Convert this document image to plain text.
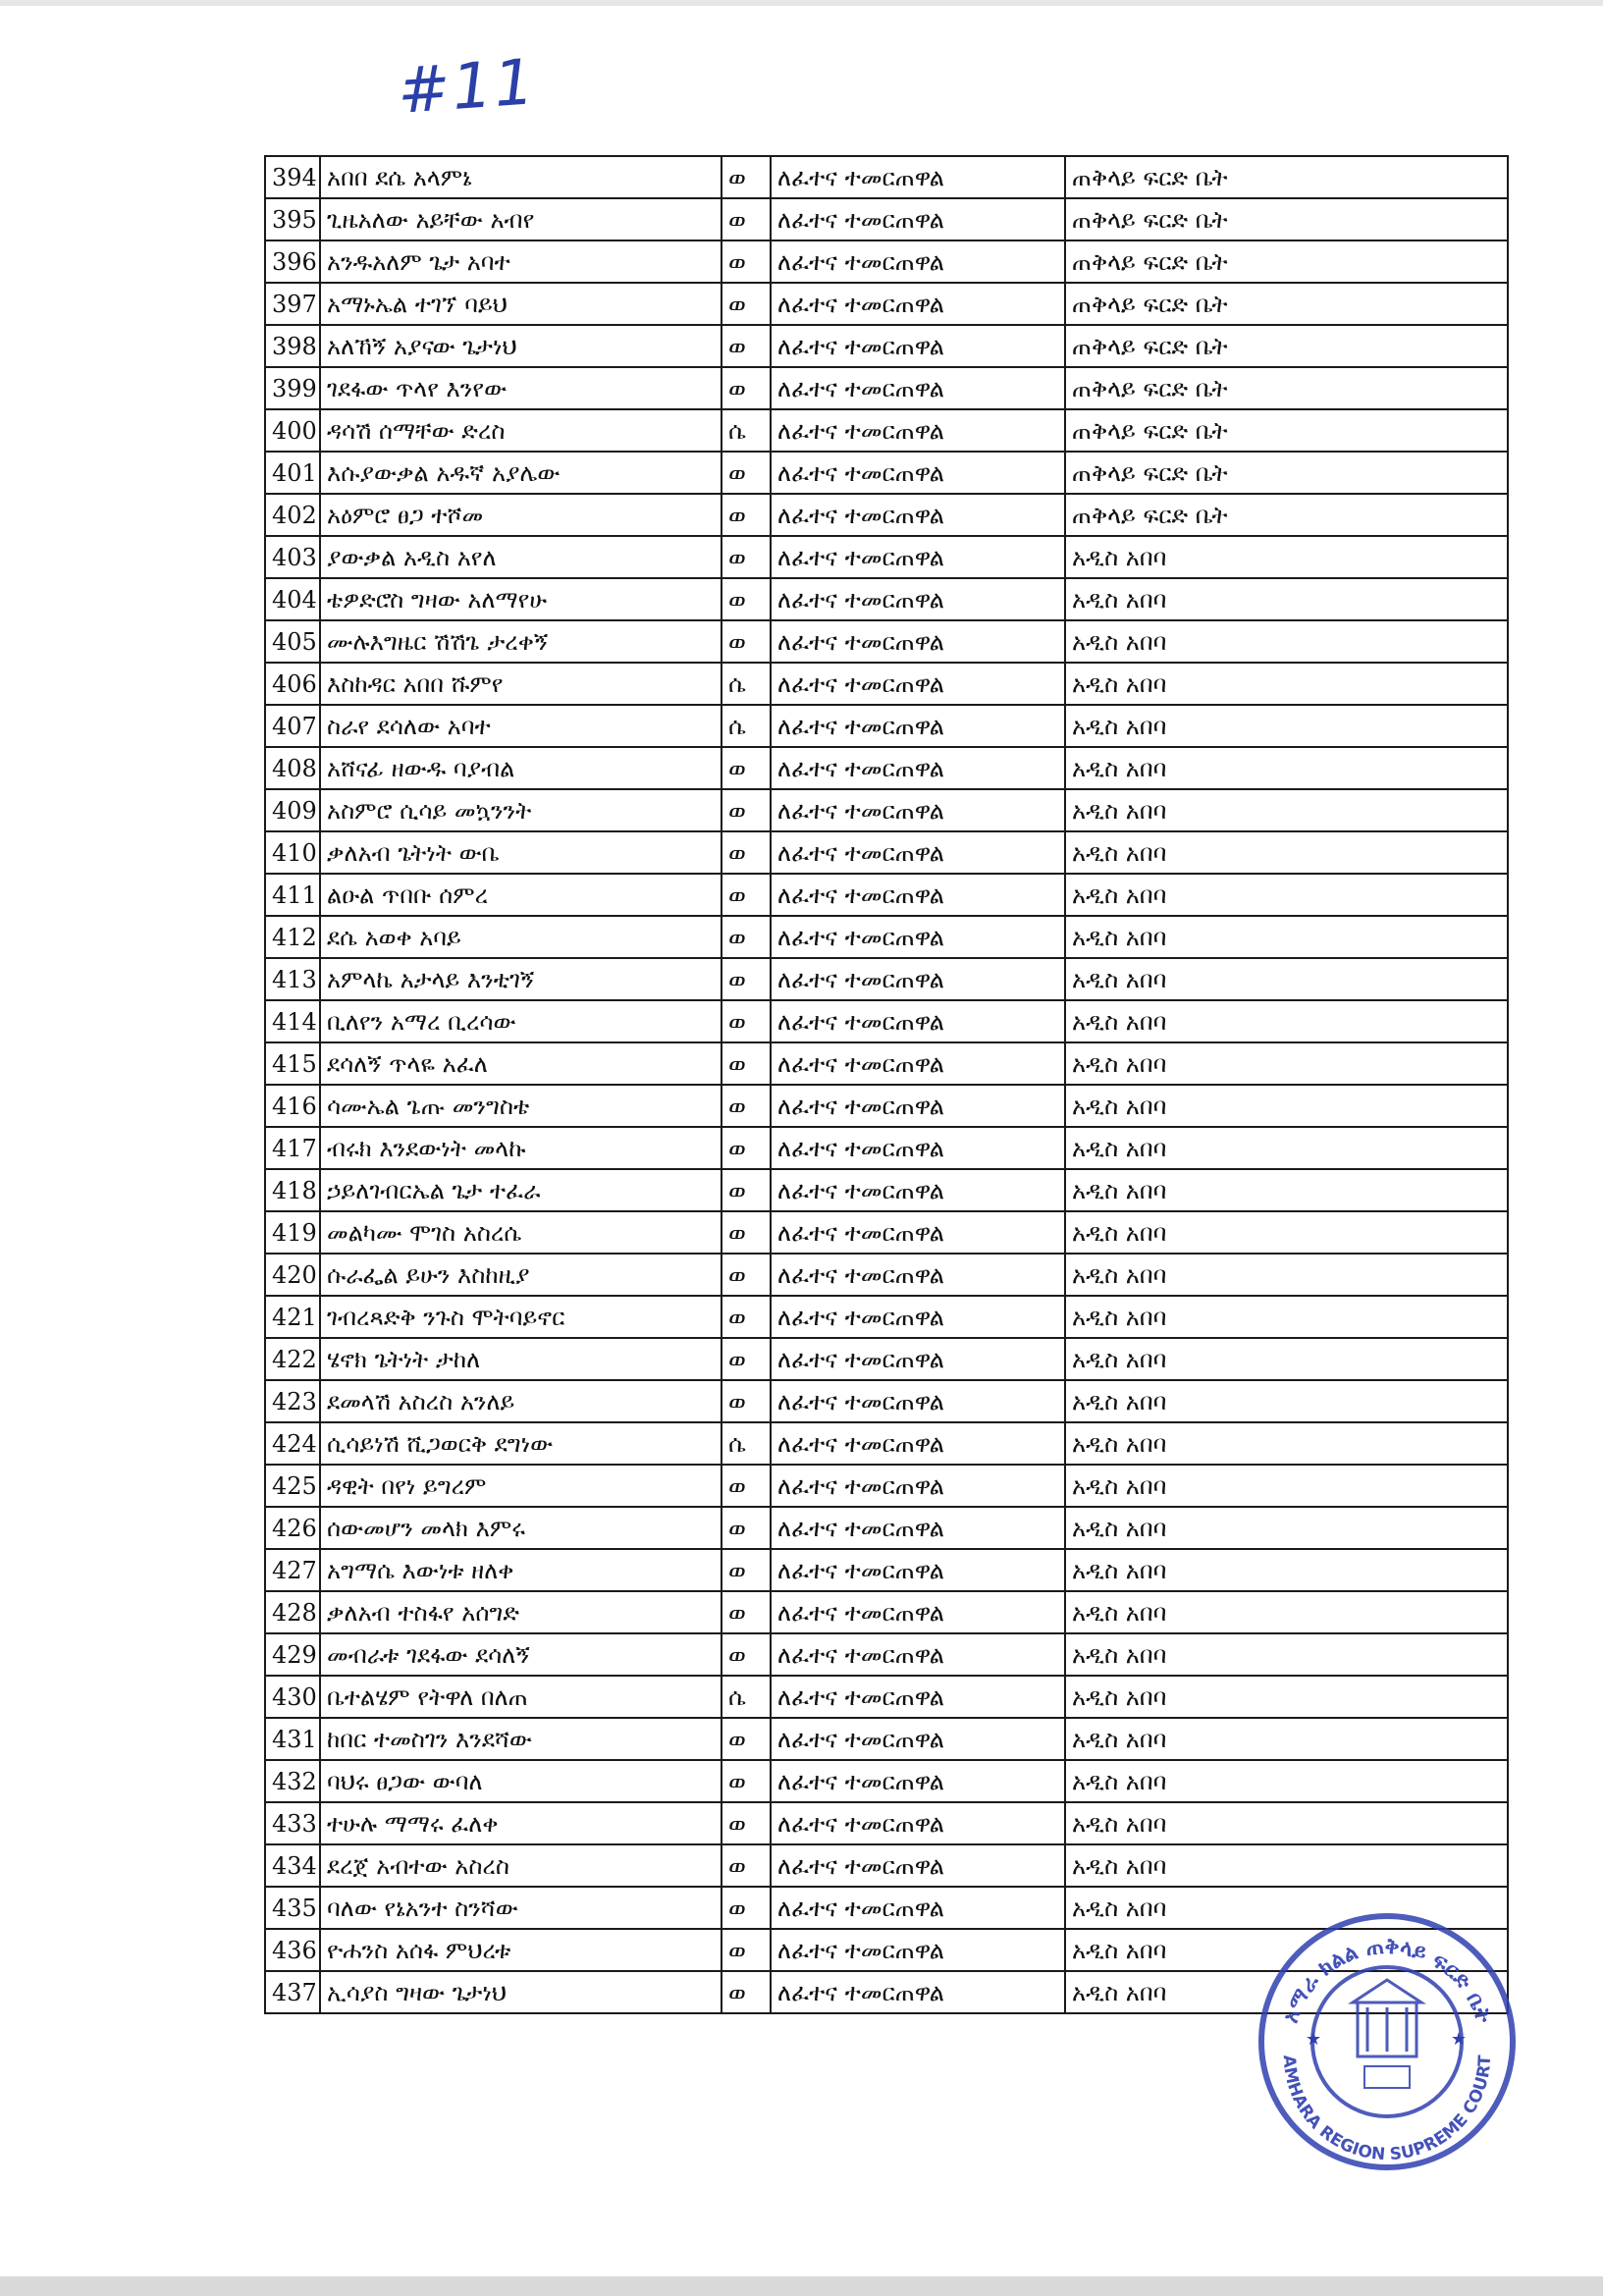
#11
394	አበበ ደሴ አላምኔ	ወ	ለፈተና ተመርጠዋል	ጠቅላይ ፍርድ ቤት
395	ጊዜአለው አይቸው አብየ	ወ	ለፈተና ተመርጠዋል	ጠቅላይ ፍርድ ቤት
396	አንዱአለም ጌታ አባተ	ወ	ለፈተና ተመርጠዋል	ጠቅላይ ፍርድ ቤት
397	አማኑኤል ተገኘ ባይህ	ወ	ለፈተና ተመርጠዋል	ጠቅላይ ፍርድ ቤት
398	አለኸኝ አያናው ጌታነህ	ወ	ለፈተና ተመርጠዋል	ጠቅላይ ፍርድ ቤት
399	ገደፋው ጥላየ እንየው	ወ	ለፈተና ተመርጠዋል	ጠቅላይ ፍርድ ቤት
400	ዳሳሽ ሰማቸው ድረስ	ሴ	ለፈተና ተመርጠዋል	ጠቅላይ ፍርድ ቤት
401	እሱያውቃል አዱኛ አያሌው	ወ	ለፈተና ተመርጠዋል	ጠቅላይ ፍርድ ቤት
402	አዕምሮ ፀጋ ተሾመ	ወ	ለፈተና ተመርጠዋል	ጠቅላይ ፍርድ ቤት
403	ያውቃል አዲስ አየለ	ወ	ለፈተና ተመርጠዋል	አዲስ አበባ
404	ቴዎድሮስ ግዛው አለማየሁ	ወ	ለፈተና ተመርጠዋል	አዲስ አበባ
405	ሙሉእግዜር ሽሽጌ ታረቀኝ	ወ	ለፈተና ተመርጠዋል	አዲስ አበባ
406	እስከዳር አበበ ሹምየ	ሴ	ለፈተና ተመርጠዋል	አዲስ አበባ
407	ስራየ ደሳለው አባተ	ሴ	ለፈተና ተመርጠዋል	አዲስ አበባ
408	አሸናፊ ዘውዱ ባያብል	ወ	ለፈተና ተመርጠዋል	አዲስ አበባ
409	አስምሮ ሲሳይ መኳንንት	ወ	ለፈተና ተመርጠዋል	አዲስ አበባ
410	ቃለአብ ጌትነት ውቤ	ወ	ለፈተና ተመርጠዋል	አዲስ አበባ
411	ልዑል ጥበቡ ሰምረ	ወ	ለፈተና ተመርጠዋል	አዲስ አበባ
412	ደሴ አወቀ አባይ	ወ	ለፈተና ተመርጠዋል	አዲስ አበባ
413	አምላኬ አታላይ እንቲገኝ	ወ	ለፈተና ተመርጠዋል	አዲስ አበባ
414	ቢለየን አማረ ቢረሳው	ወ	ለፈተና ተመርጠዋል	አዲስ አበባ
415	ደሳለኝ ጥላዬ አፈለ	ወ	ለፈተና ተመርጠዋል	አዲስ አበባ
416	ሳሙኤል ጌጡ መንግስቴ	ወ	ለፈተና ተመርጠዋል	አዲስ አበባ
417	ብሩክ እንደውነት መላኩ	ወ	ለፈተና ተመርጠዋል	አዲስ አበባ
418	ኃይለገብርኤል ጌታ ተፈራ	ወ	ለፈተና ተመርጠዋል	አዲስ አበባ
419	መልካሙ ሞገስ አስረሴ	ወ	ለፈተና ተመርጠዋል	አዲስ አበባ
420	ሱራፌል ይሁን እስከዚያ	ወ	ለፈተና ተመርጠዋል	አዲስ አበባ
421	ገብረጻድቅ ንጉስ ሞትባይኖር	ወ	ለፈተና ተመርጠዋል	አዲስ አበባ
422	ሄኖክ ጌትነት ታከለ	ወ	ለፈተና ተመርጠዋል	አዲስ አበባ
423	ደመላሽ አስረስ አንለይ	ወ	ለፈተና ተመርጠዋል	አዲስ አበባ
424	ሲሳይነሽ ሺጋወርቅ ደግነው	ሴ	ለፈተና ተመርጠዋል	አዲስ አበባ
425	ዳዊት በየነ ይግረም	ወ	ለፈተና ተመርጠዋል	አዲስ አበባ
426	ሰውመሆን መላክ እምሩ	ወ	ለፈተና ተመርጠዋል	አዲስ አበባ
427	አግማሴ እውነቱ ዘለቀ	ወ	ለፈተና ተመርጠዋል	አዲስ አበባ
428	ቃለአብ ተስፋየ አሰግድ	ወ	ለፈተና ተመርጠዋል	አዲስ አበባ
429	መብራቱ ገደፋው ደሳለኝ	ወ	ለፈተና ተመርጠዋል	አዲስ አበባ
430	ቤተልሄም የትዋለ በለጠ	ሴ	ለፈተና ተመርጠዋል	አዲስ አበባ
431	ከበር ተመስገን እንደሻው	ወ	ለፈተና ተመርጠዋል	አዲስ አበባ
432	ባህሩ ፀጋው ውባለ	ወ	ለፈተና ተመርጠዋል	አዲስ አበባ
433	ተሁሉ ማማሩ ፈለቀ	ወ	ለፈተና ተመርጠዋል	አዲስ አበባ
434	ደረጀ አብተው አስረስ	ወ	ለፈተና ተመርጠዋል	አዲስ አበባ
435	ባለው የኔአንተ ስንሻው	ወ	ለፈተና ተመርጠዋል	አዲስ አበባ
436	ዮሐንስ አሰፋ ምህረቱ	ወ	ለፈተና ተመርጠዋል	አዲስ አበባ
437	ኢሳያስ ግዛው ጌታነህ	ወ	ለፈተና ተመርጠዋል	አዲስ አበባ
አማራ ክልል ጠቅላይ ፍርድ ቤት
AMHARA REGION SUPREME COURT
★	★
